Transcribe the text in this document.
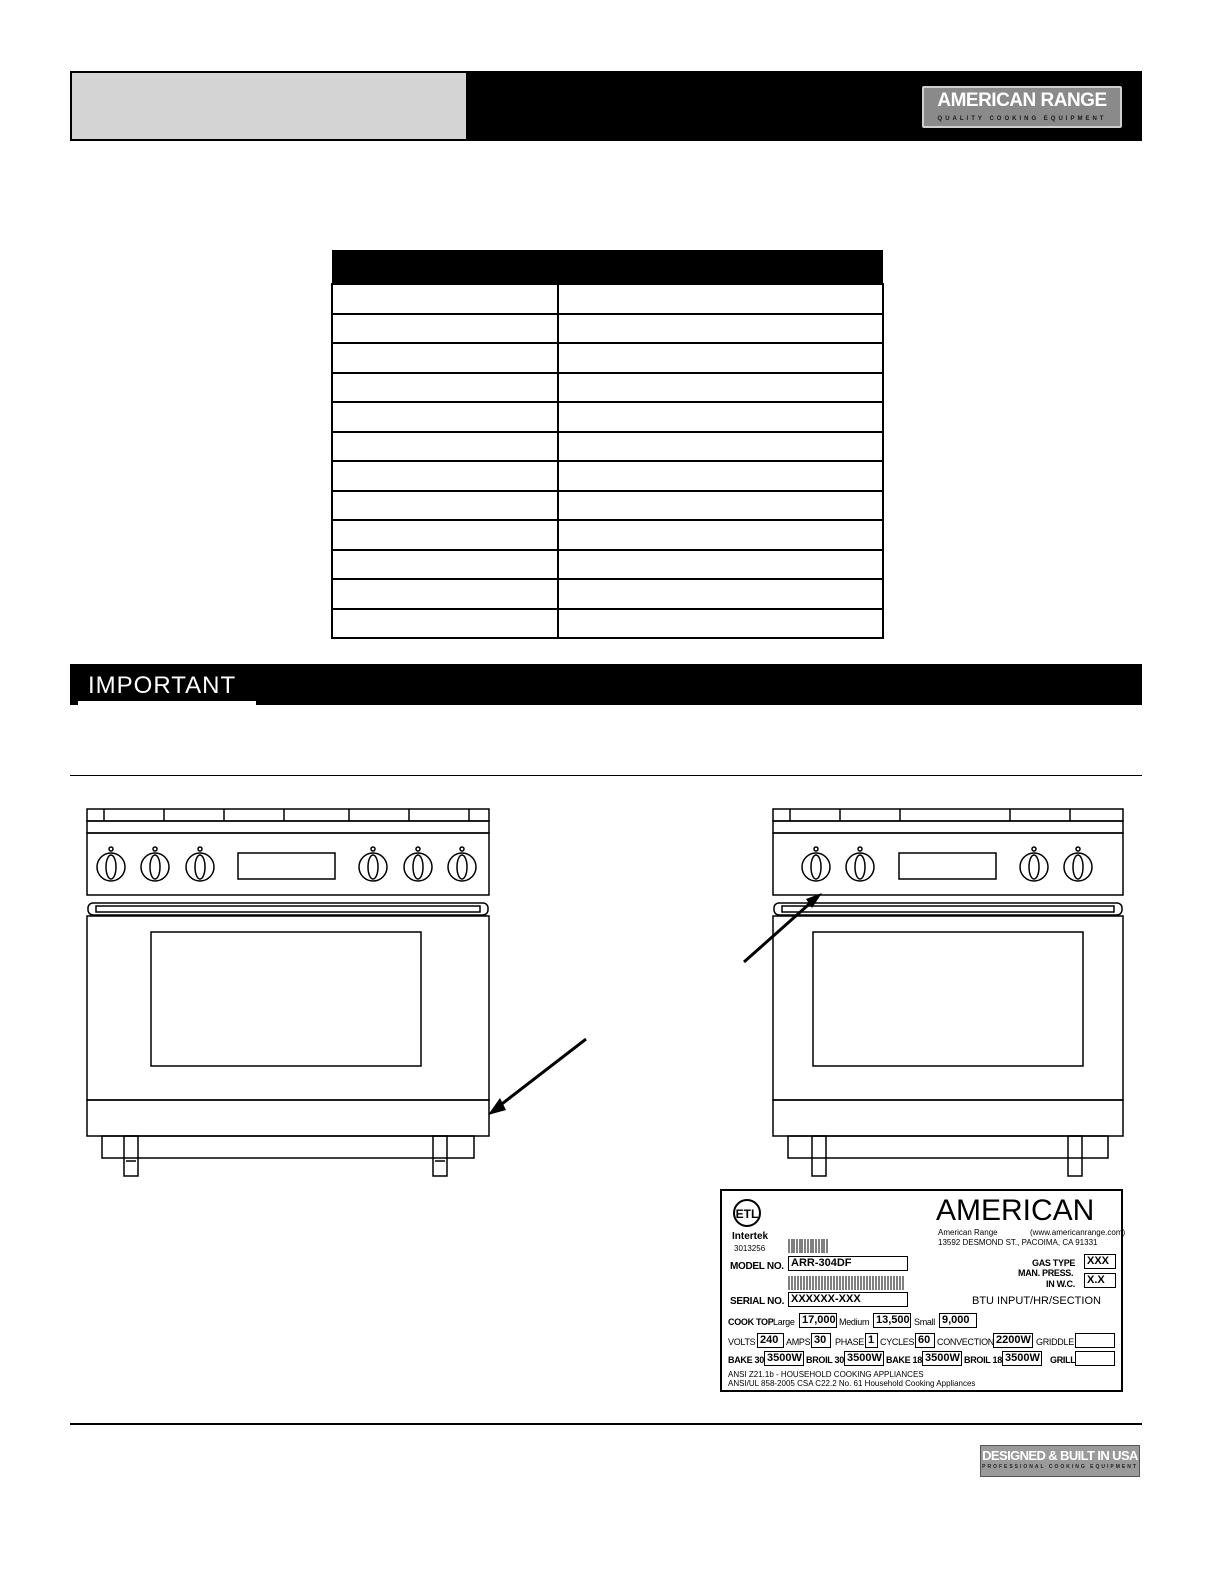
AMERICAN RANGE
QUALITY COOKING EQUIPMENT

IMPORTANT
ETL
Intertek
3013256
AMERICAN
American Range	(www.americanrange.com)
13592 DESMOND ST., PACOIMA, CA 91331
MODEL NO. ARR-304DF
SERIAL NO. XXXXXX-XXX
GAS TYPE XXX
MAN. PRESS.
IN W.C. X.X
BTU INPUT/HR/SECTION
COOK TOP Large 17,000 Medium 13,500 Small 9,000
VOLTS 240 AMPS 30 PHASE 1 CYCLES 60 CONVECTION 2200W GRIDDLE
BAKE 30 3500W BROIL 30 3500W BAKE 18 3500W BROIL 18 3500W GRILL
ANSI Z21.1b - HOUSEHOLD COOKING APPLIANCES
ANSI/UL 858-2005 CSA C22.2 No. 61 Household Cooking Appliances
DESIGNED & BUILT IN USA
PROFESSIONAL COOKING EQUIPMENT
